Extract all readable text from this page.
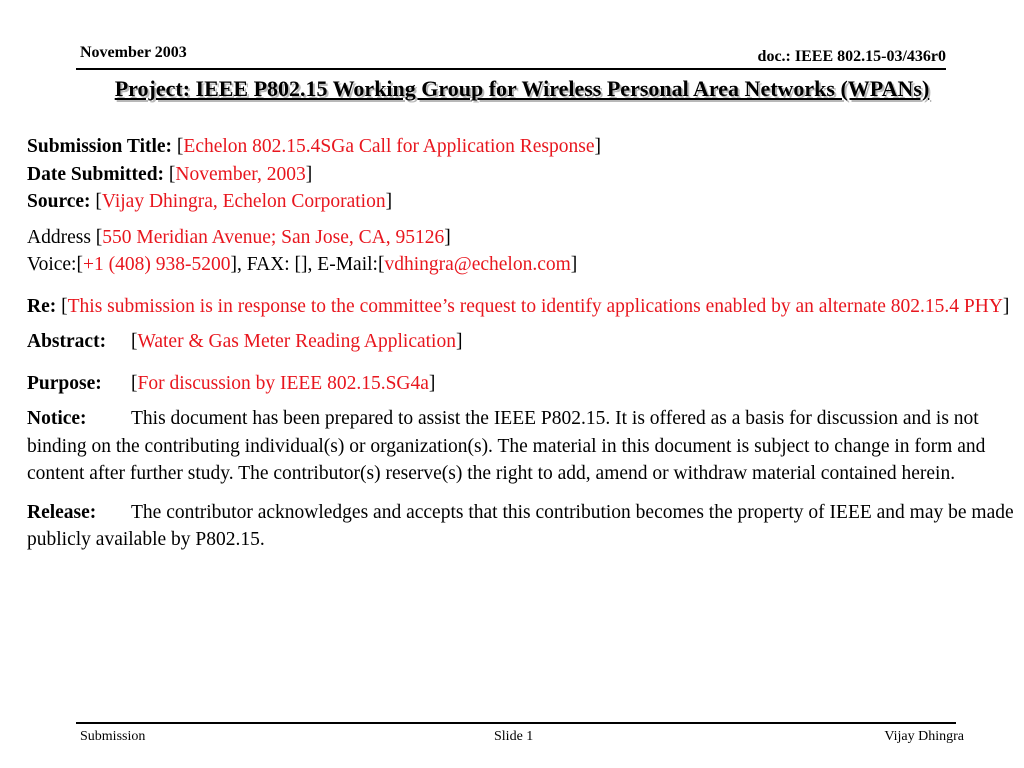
November 2003	doc.: IEEE 802.15-03/436r0
Project: IEEE P802.15 Working Group for Wireless Personal Area Networks (WPANs)

Submission Title: [Echelon 802.15.4SGa Call for Application Response]

Date Submitted: [November, 2003]

Source: [Vijay Dhingra, Echelon Corporation]

Address [550 Meridian Avenue; San Jose, CA, 95126]

Voice:[+1 (408) 938-5200], FAX: [], E-Mail:[vdhingra@echelon.com]

Re: [This submission is in response to the committee’s request to identify applications enabled by an alternate 802.15.4 PHY]

Abstract: [Water & Gas Meter Reading Application]

Purpose: [For discussion by IEEE 802.15.SG4a]

Notice: This document has been prepared to assist the IEEE P802.15. It is offered as a basis for discussion and is not binding on the contributing individual(s) or organization(s). The material in this document is subject to change in form and content after further study. The contributor(s) reserve(s) the right to add, amend or withdraw material contained herein.

Release: The contributor acknowledges and accepts that this contribution becomes the property of IEEE and may be made publicly available by P802.15.

Submission	Slide 1	Vijay Dhingra
